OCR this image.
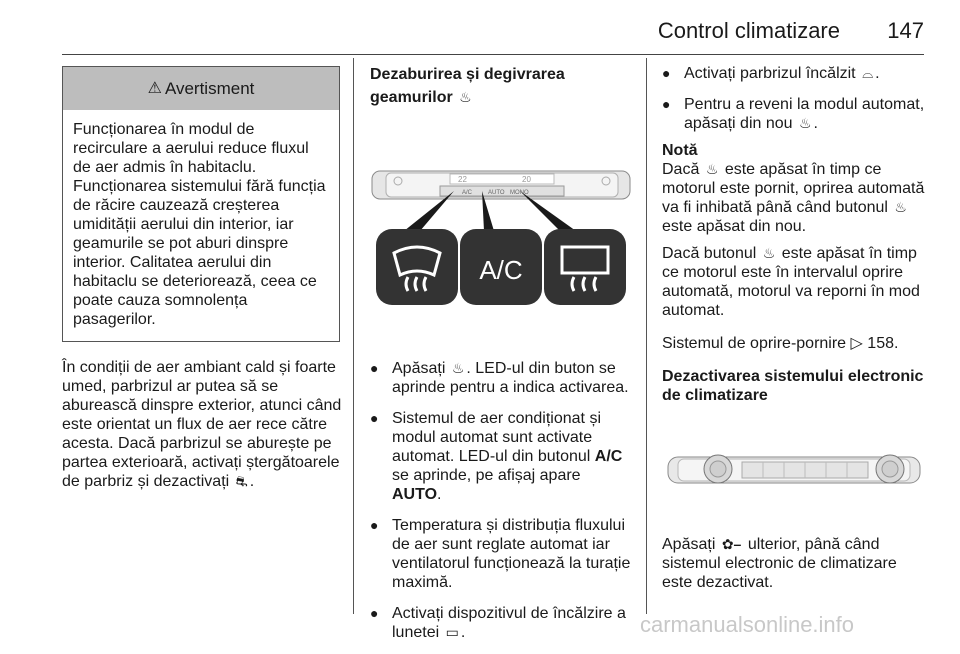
Control climatizare 147
⚠ Avertisment
Funcționarea în modul de recirculare a aerului reduce fluxul de aer admis în habitaclu. Funcționarea sistemului fără funcția de răcire cauzează creșterea umidității aerului din interior, iar geamurile se pot aburi dinspre interior. Calitatea aerului din habitaclu se deteriorează, ceea ce poate cauza somnolența pasagerilor.

În condiții de aer ambiant cald și foarte umed, parbrizul ar putea să se aburească dinspre exterior, atunci când este orientat un flux de aer rece către acesta. Dacă parbrizul se aburește pe partea exterioară, activați ștergătoarele de parbriz și dezactivați ⛐ .

Dezaburirea și degivrarea
geamurilor ♨
22	20
A/C	AUTO MONO
A/C
● Apăsați ♨ . LED-ul din buton se aprinde pentru a indica activarea.
● Sistemul de aer condiționat și modul automat sunt activate automat. LED-ul din butonul A/C se aprinde, pe afișaj apare AUTO.
● Temperatura și distribuția fluxului de aer sunt reglate automat iar ventilatorul funcționează la turație maximă.
● Activați dispozitivul de încălzire a lunetei ▭ .
● Activați parbrizul încălzit ⌓ .
● Pentru a reveni la modul automat, apăsați din nou ♨ .
Notă

Dacă ♨ este apăsat în timp ce motorul este pornit, oprirea automată va fi inhibată până când butonul ♨ este apăsat din nou.

Dacă butonul ♨ este apăsat în timp ce motorul este în intervalul oprire automată, motorul va reporni în mod automat.

Sistemul de oprire-pornire ▷ 158.

Dezactivarea sistemului electronic de climatizare

Apăsați ✿– ulterior, până când sistemul electronic de climatizare este dezactivat.

carmanualsonline.info
